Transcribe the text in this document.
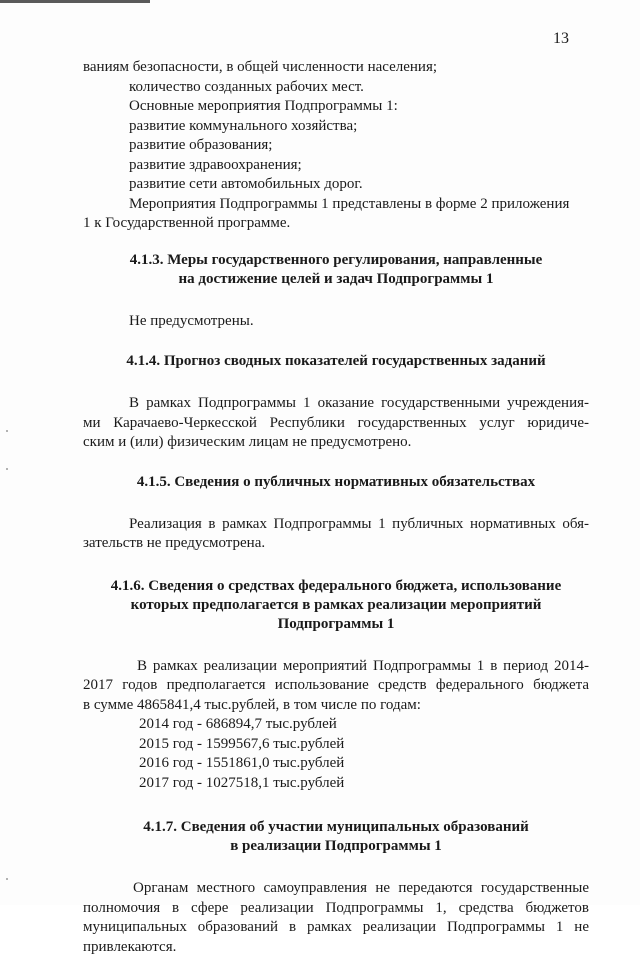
13
ваниям безопасности, в общей численности населения;
количество созданных рабочих мест.
Основные мероприятия Подпрограммы 1:
развитие коммунального хозяйства;
развитие образования;
развитие здравоохранения;
развитие сети автомобильных дорог.
Мероприятия Подпрограммы 1 представлены в форме 2 приложения
1 к Государственной программе.
4.1.3. Меры государственного регулирования, направленные
на достижение целей и задач Подпрограммы 1
Не предусмотрены.
4.1.4. Прогноз сводных показателей государственных заданий
В рамках Подпрограммы 1 оказание государственными учреждения-
ми Карачаево-Черкесской Республики государственных услуг юридиче-
ским и (или) физическим лицам не предусмотрено.
4.1.5. Сведения о публичных нормативных обязательствах
Реализация в рамках Подпрограммы 1 публичных нормативных обя-
зательств не предусмотрена.
4.1.6. Сведения о средствах федерального бюджета, использование
которых предполагается в рамках реализации мероприятий
Подпрограммы 1
В рамках реализации мероприятий Подпрограммы 1 в период 2014-
2017 годов предполагается использование средств федерального бюджета
в сумме 4865841,4 тыс.рублей, в том числе по годам:
2014 год - 686894,7 тыс.рублей
2015 год - 1599567,6 тыс.рублей
2016 год - 1551861,0 тыс.рублей
2017 год - 1027518,1 тыс.рублей
4.1.7. Сведения об участии муниципальных образований
в реализации Подпрограммы 1
Органам местного самоуправления не передаются государственные
полномочия в сфере реализации Подпрограммы 1, средства бюджетов
муниципальных образований в рамках реализации Подпрограммы 1 не
привлекаются.
